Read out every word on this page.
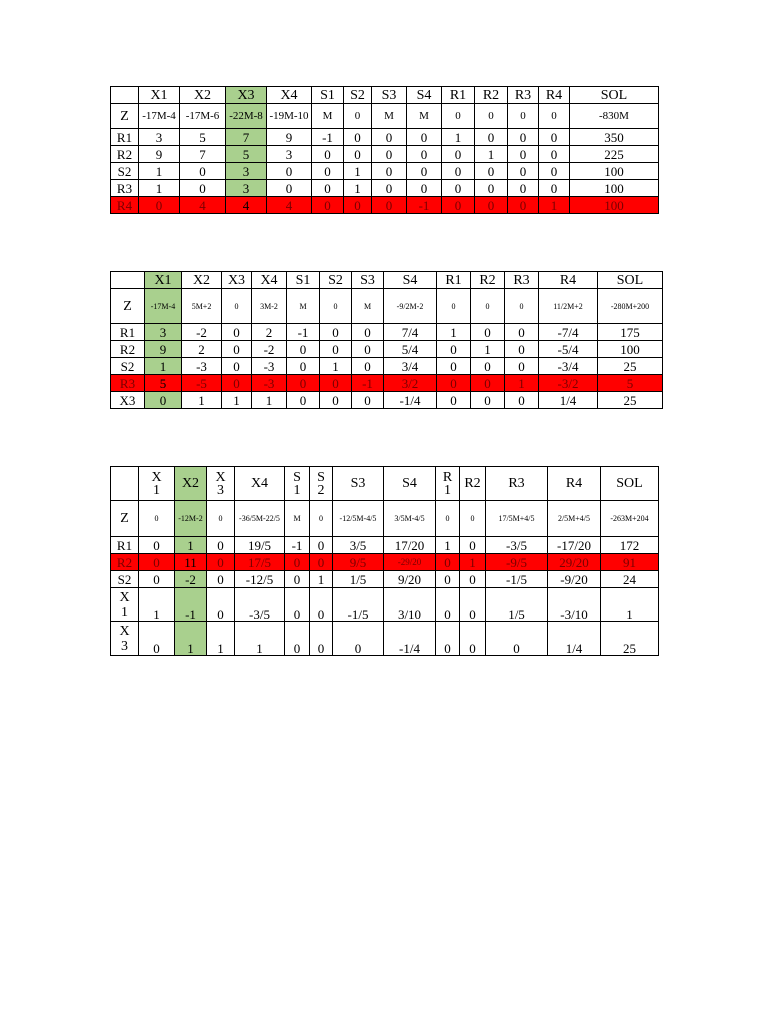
	X1	X2	X3	X4	S1	S2	S3	S4	R1	R2	R3	R4	SOL
Z	-17M-4	-17M-6	-22M-8	-19M-10	M	0	M	M	0	0	0	0	-830M
R1	3	5	7	9	-1	0	0	0	1	0	0	0	350
R2	9	7	5	3	0	0	0	0	0	1	0	0	225
S2	1	0	3	0	0	1	0	0	0	0	0	0	100
R3	1	0	3	0	0	1	0	0	0	0	0	0	100
R4	0	4	4	4	0	0	0	-1	0	0	0	1	100
	X1	X2	X3	X4	S1	S2	S3	S4	R1	R2	R3	R4	SOL
Z	-17M-4	5M+2	0	3M-2	M	0	M	-9/2M-2	0	0	0	11/2M+2	-280M+200
R1	3	-2	0	2	-1	0	0	7/4	1	0	0	-7/4	175
R2	9	2	0	-2	0	0	0	5/4	0	1	0	-5/4	100
S2	1	-3	0	-3	0	1	0	3/4	0	0	0	-3/4	25
R3	5	-5	0	-3	0	0	-1	3/2	0	0	1	-3/2	5
X3	0	1	1	1	0	0	0	-1/4	0	0	0	1/4	25
	X1	X2	X3	X4	S1	S2	S3	S4	R1	R2	R3	R4	SOL
Z	0	-12M-2	0	-36/5M-22/5	M	0	-12/5M-4/5	3/5M-4/5	0	0	17/5M+4/5	2/5M+4/5	-263M+204
R1	0	1	0	19/5	-1	0	3/5	17/20	1	0	-3/5	-17/20	172
R2	0	11	0	17/5	0	0	9/5	-29/20	0	1	-9/5	29/20	91
S2	0	-2	0	-12/5	0	1	1/5	9/20	0	0	-1/5	-9/20	24
X1	1	-1	0	-3/5	0	0	-1/5	3/10	0	0	1/5	-3/10	1
X3	0	1	1	1	0	0	0	-1/4	0	0	0	1/4	25
